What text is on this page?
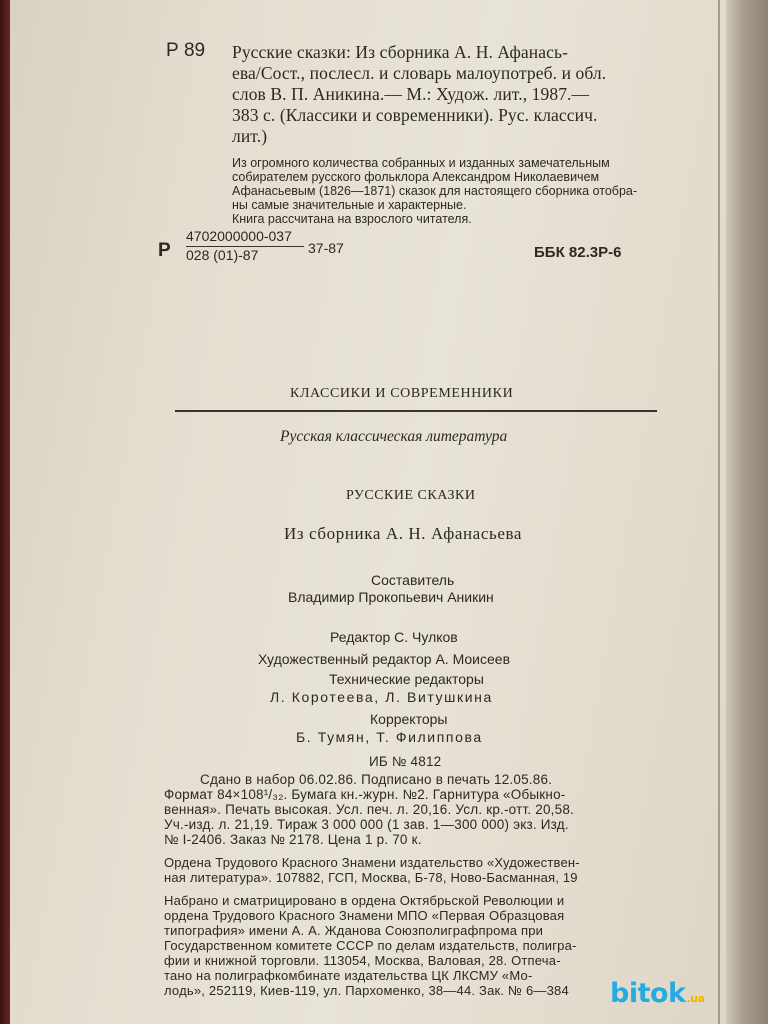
Р 89 Русские сказки: Из сборника А. Н. Афанась-
ева/Сост., послесл. и словарь малоупотреб. и обл.
слов В. П. Аникина.— М.: Худож. лит., 1987.—
383 с. (Классики и современники). Рус. классич.
лит.)
Из огромного количества собранных и изданных замечательным
собирателем русского фольклора Александром Николаевичем
Афанасьевым (1826—1871) сказок для настоящего сборника отобра-
ны самые значительные и характерные.
Книга рассчитана на взрослого читателя.
Р
4702000000-037
028 (01)-87	37-87	ББК 82.3Р-6
КЛАССИКИ И СОВРЕМЕННИКИ
Русская классическая литература
РУССКИЕ СКАЗКИ
Из сборника А. Н. Афанасьева
Составитель
Владимир Прокопьевич Аникин
Редактор С. Чулков
Художественный редактор А. Моисеев
Технические редакторы
Л. Коротеева, Л. Витушкина
Корректоры
Б. Тумян, Т. Филиппова
ИБ № 4812
Сдано в набор 06.02.86. Подписано в печать 12.05.86.
Формат 84×108¹/₃₂. Бумага кн.-журн. №2. Гарнитура «Обыкно-
венная». Печать высокая. Усл. печ. л. 20,16. Усл. кр.-отт. 20,58.
Уч.-изд. л. 21,19. Тираж 3 000 000 (1 зав. 1—300 000) экз. Изд.
№ I-2406. Заказ № 2178. Цена 1 р. 70 к.
Ордена Трудового Красного Знамени издательство «Художествен-
ная литература». 107882, ГСП, Москва, Б-78, Ново-Басманная, 19
Набрано и сматрицировано в ордена Октябрьской Революции и
ордена Трудового Красного Знамени МПО «Первая Образцовая
типография» имени А. А. Жданова Союзполиграфпрома при
Государственном комитете СССР по делам издательств, полигра-
фии и книжной торговли. 113054, Москва, Валовая, 28. Отпеча-
тано на полиграфкомбинате издательства ЦК ЛКСМУ «Мо-
лодь», 252119, Киев-119, ул. Пархоменко, 38—44. Зак. № 6—384 bitok.ua
